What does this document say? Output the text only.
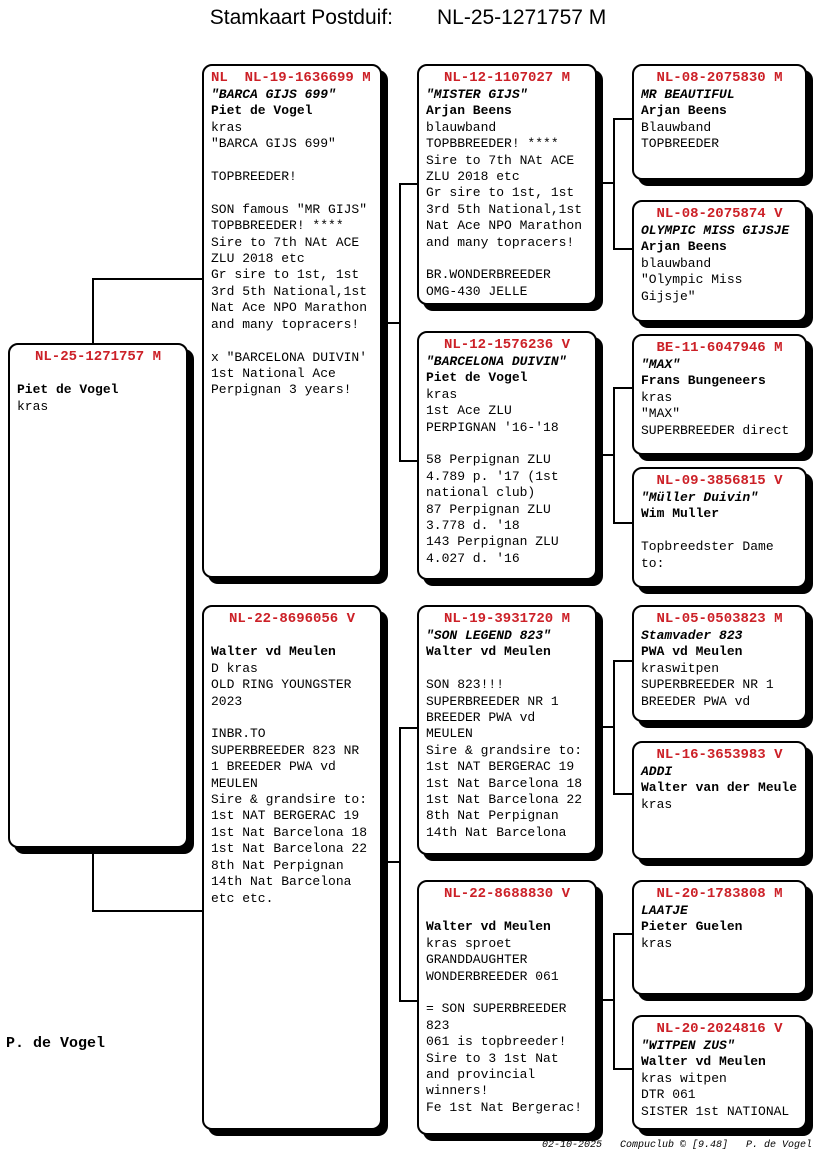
Stamkaart Postduif: NL-25-1271757 M
NL-25-1271757 M

Piet de Vogel
kras
NL  NL-19-1636699 M
"BARCA GIJS 699"
Piet de Vogel
kras
"BARCA GIJS 699"

TOPBREEDER!

SON famous "MR GIJS"
TOPBBREEDER! ****
Sire to 7th NAt ACE
ZLU 2018 etc
Gr sire to 1st, 1st
3rd 5th National,1st
Nat Ace NPO Marathon
and many topracers!

x "BARCELONA DUIVIN'
1st National Ace
Perpignan 3 years!
NL-22-8696056 V

Walter vd Meulen
D kras
OLD RING YOUNGSTER
2023

INBR.TO
SUPERBREEDER 823 NR
1 BREEDER PWA vd
MEULEN
Sire & grandsire to:
1st NAT BERGERAC 19
1st Nat Barcelona 18
1st Nat Barcelona 22
8th Nat Perpignan
14th Nat Barcelona
etc etc.
NL-12-1107027 M
"MISTER GIJS"
Arjan Beens
blauwband
TOPBBREEDER! ****
Sire to 7th NAt ACE
ZLU 2018 etc
Gr sire to 1st, 1st
3rd 5th National,1st
Nat Ace NPO Marathon
and many topracers!

BR.WONDERBREEDER
OMG-430 JELLE
NL-12-1576236 V
"BARCELONA DUIVIN"
Piet de Vogel
kras
1st Ace ZLU
PERPIGNAN '16-'18

58 Perpignan ZLU
4.789 p. '17 (1st
national club)
87 Perpignan ZLU
3.778 d. '18
143 Perpignan ZLU
4.027 d. '16
NL-19-3931720 M
"SON LEGEND 823"
Walter vd Meulen

SON 823!!!
SUPERBREEDER NR 1
BREEDER PWA vd
MEULEN
Sire & grandsire to:
1st NAT BERGERAC 19
1st Nat Barcelona 18
1st Nat Barcelona 22
8th Nat Perpignan
14th Nat Barcelona
NL-22-8688830 V

Walter vd Meulen
kras sproet
GRANDDAUGHTER
WONDERBREEDER 061

= SON SUPERBREEDER
823
061 is topbreeder!
Sire to 3 1st Nat
and provincial
winners!
Fe 1st Nat Bergerac!
NL-08-2075830 M
MR BEAUTIFUL
Arjan Beens
Blauwband
TOPBREEDER
NL-08-2075874 V
OLYMPIC MISS GIJSJE
Arjan Beens
blauwband
"Olympic Miss
Gijsje"
BE-11-6047946 M
"MAX"
Frans Bungeneers
kras
"MAX"
SUPERBREEDER direct
NL-09-3856815 V
"Müller Duivin"
Wim Muller

Topbreedster Dame
to:
NL-05-0503823 M
Stamvader 823
PWA vd Meulen
kraswitpen
SUPERBREEDER NR 1
BREEDER PWA vd
NL-16-3653983 V
ADDI
Walter van der Meule
kras
NL-20-1783808 M
LAATJE
Pieter Guelen
kras
NL-20-2024816 V
"WITPEN ZUS"
Walter vd Meulen
kras witpen
DTR 061
SISTER 1st NATIONAL
P. de Vogel
02-10-2025 Compuclub © [9.48] P. de Vogel
